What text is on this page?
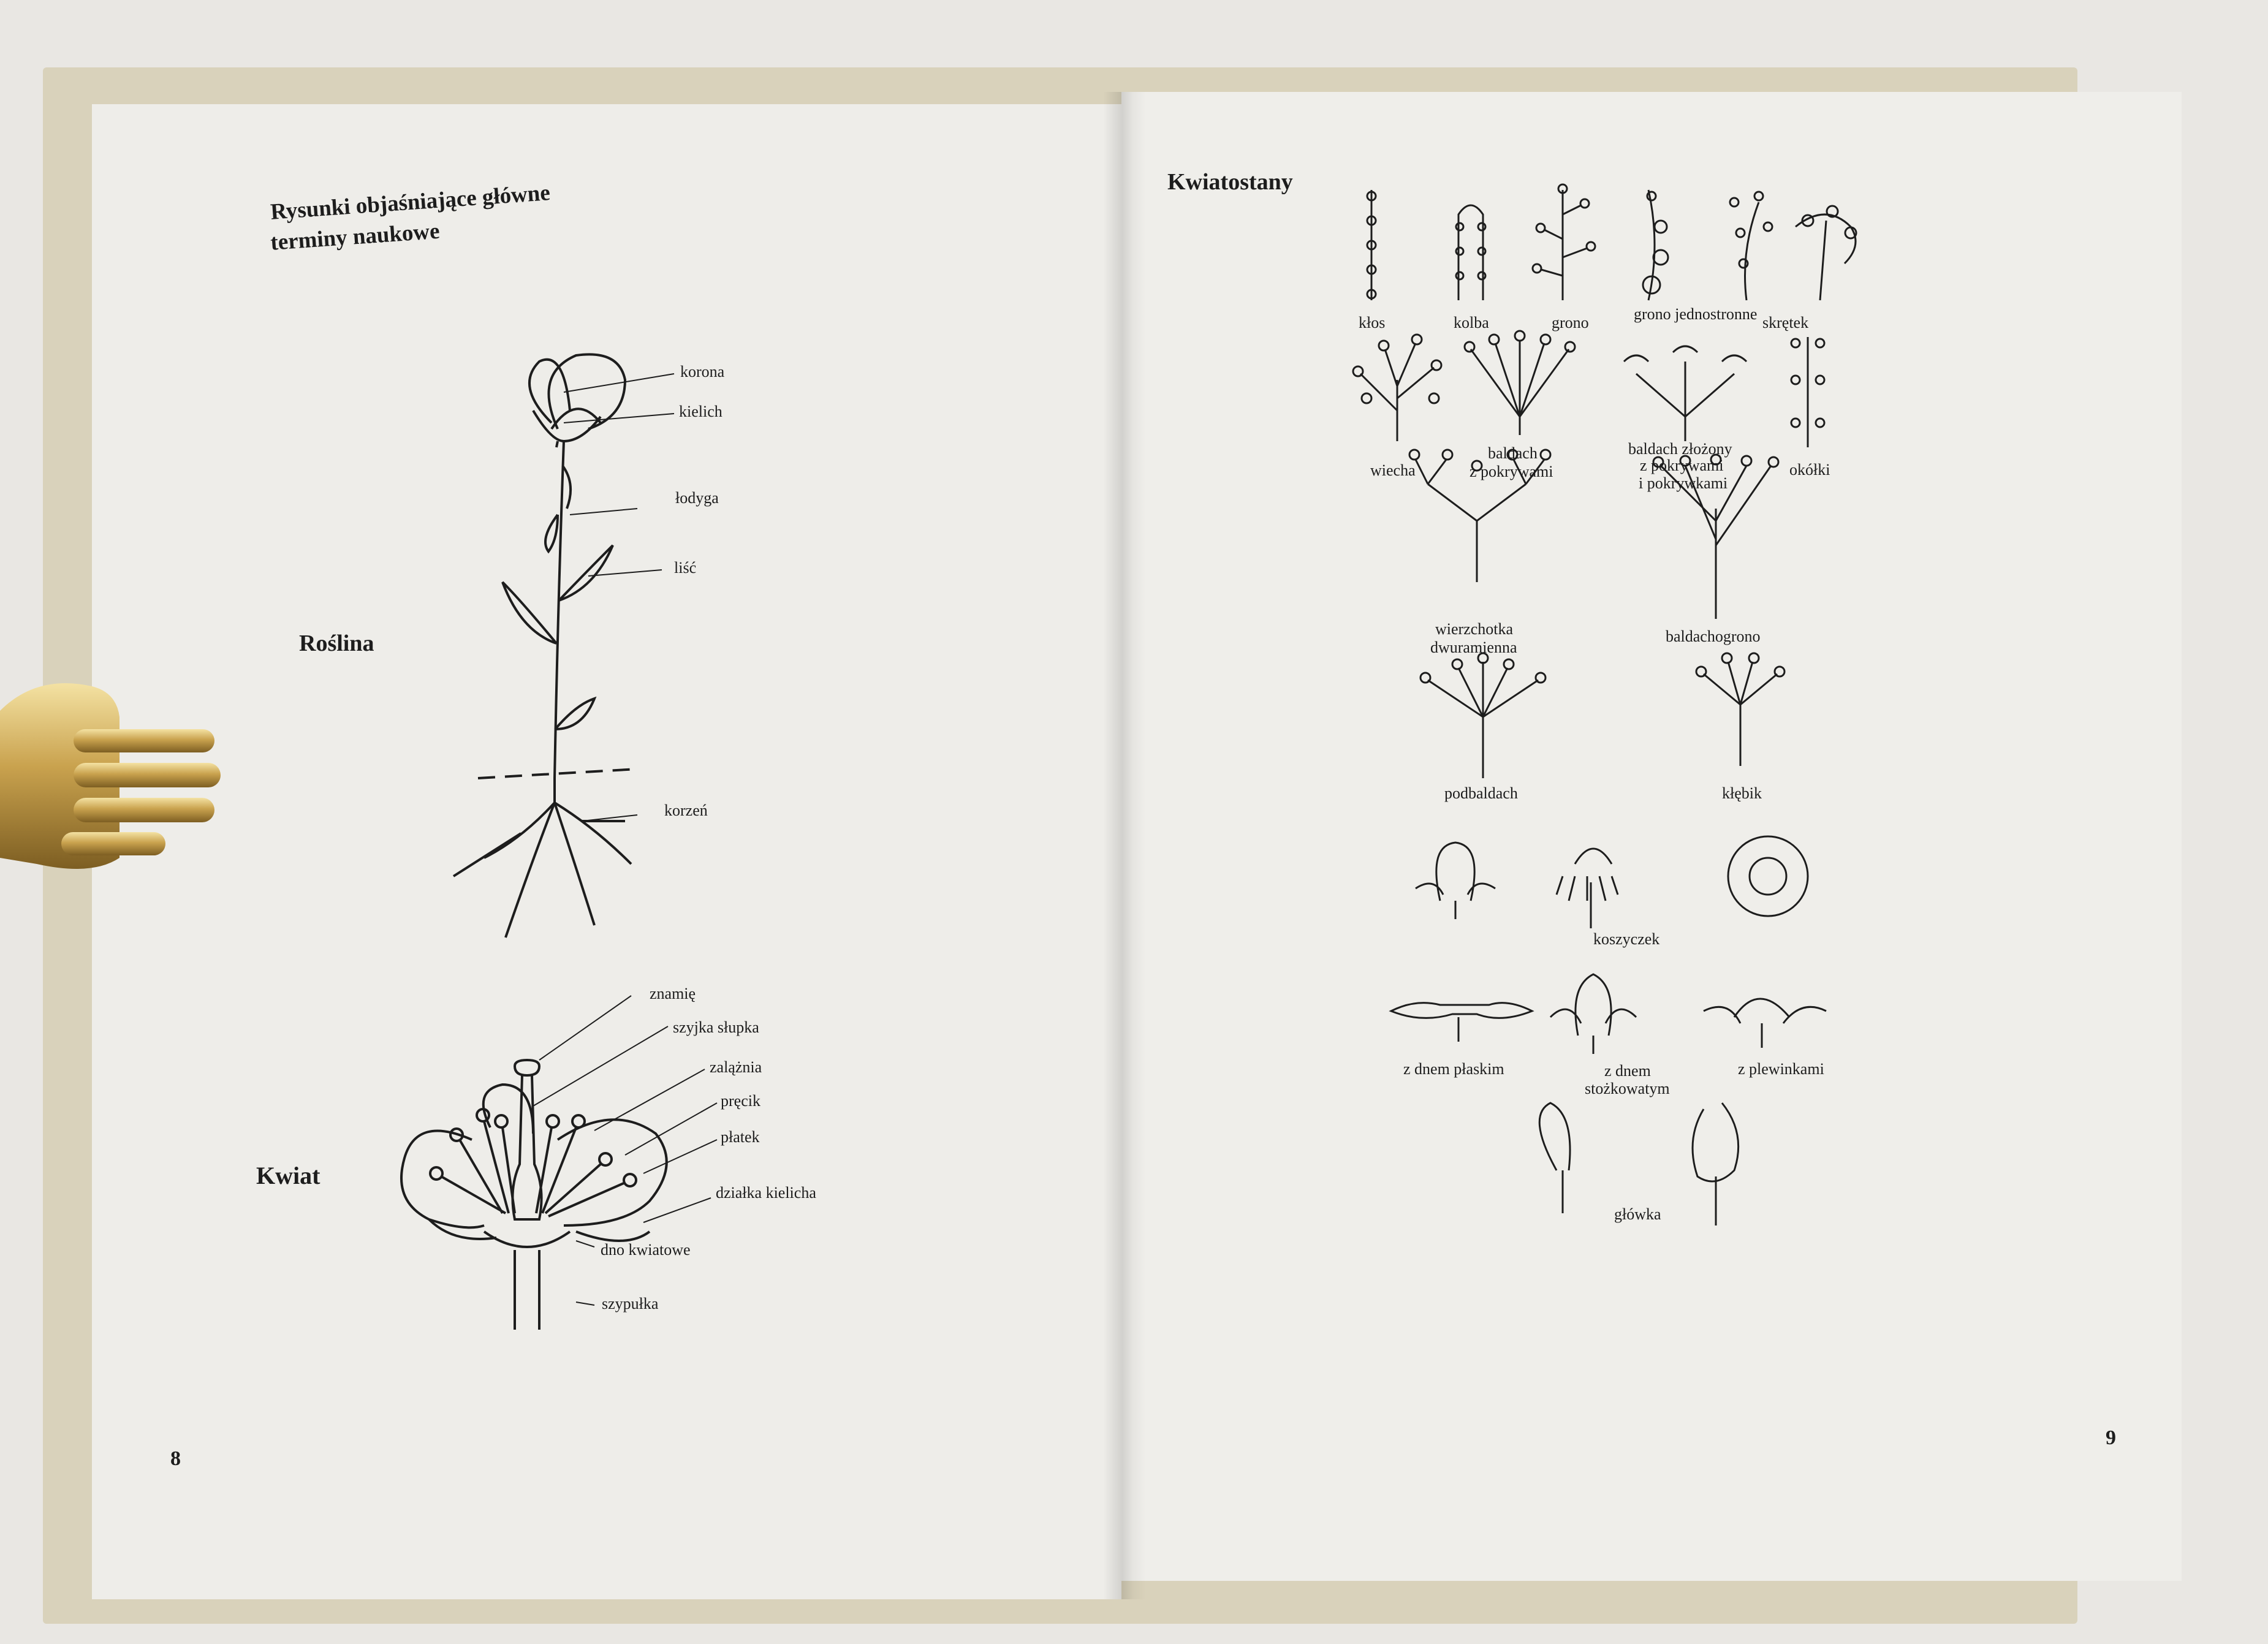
Rysunki objaśniające główne
terminy naukowe
Roślina
korona
kielich
łodyga
liść
korzeń
Kwiat
znamię
szyjka słupka
zalążnia
pręcik
płatek
działka kielicha
dno kwiatowe
szypułka
8
Kwiatostany
kłos	kolba	grono	grono jednostronne skrętek
wiecha
baldach
z pokrywami
baldach złożony
z pokrywami
i pokrywkami
okółki
wierzchotka
dwuramienna
baldachogrono
podbaldach	kłębik
koszyczek
z dnem płaskim	z dnem
stożkowatym
z plewinkami
główka
9
